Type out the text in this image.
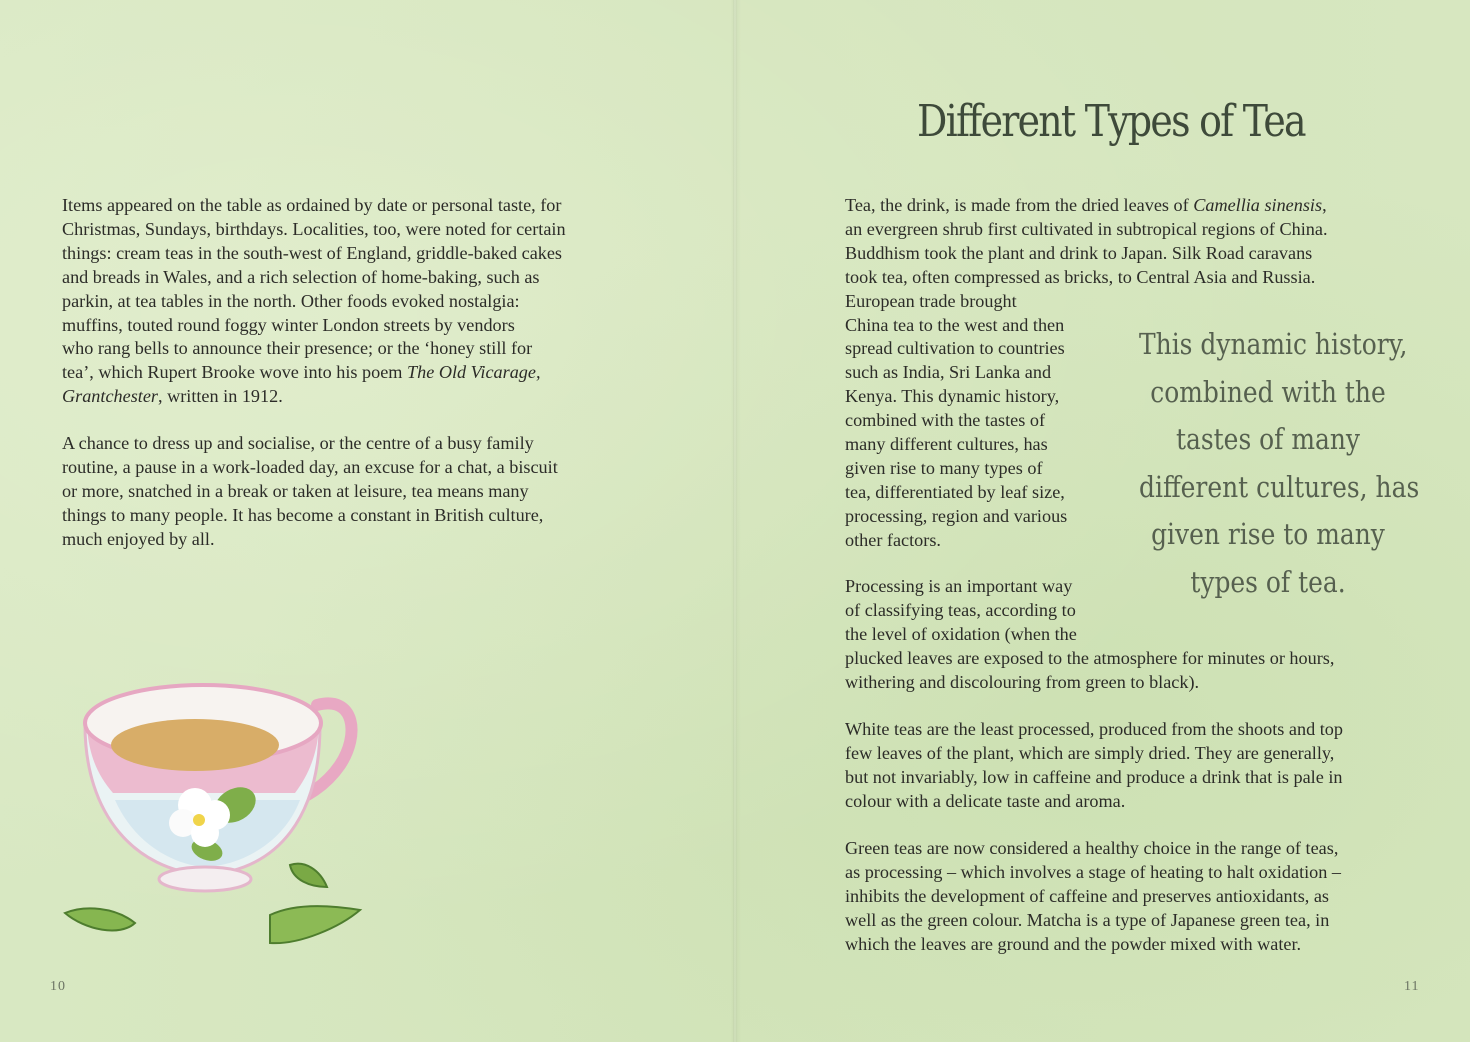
Items appeared on the table as ordained by date or personal taste, for
Christmas, Sundays, birthdays. Localities, too, were noted for certain
things: cream teas in the south-west of England, griddle-baked cakes
and breads in Wales, and a rich selection of home-baking, such as
parkin, at tea tables in the north. Other foods evoked nostalgia:
muffins, touted round foggy winter London streets by vendors
who rang bells to announce their presence; or the ‘honey still for
tea’, which Rupert Brooke wove into his poem The Old Vicarage,
Grantchester, written in 1912.

A chance to dress up and socialise, or the centre of a busy family
routine, a pause in a work-loaded day, an excuse for a chat, a biscuit
or more, snatched in a break or taken at leisure, tea means many
things to many people. It has become a constant in British culture,
much enjoyed by all.

10
Different Types of Tea

Tea, the drink, is made from the dried leaves of Camellia sinensis,
an evergreen shrub first cultivated in subtropical regions of China.
Buddhism took the plant and drink to Japan. Silk Road caravans
took tea, often compressed as bricks, to Central Asia and Russia.
European trade brought
China tea to the west and then
spread cultivation to countries
such as India, Sri Lanka and
Kenya. This dynamic history,
combined with the tastes of
many different cultures, has
given rise to many types of
tea, differentiated by leaf size,
processing, region and various
other factors.

Processing is an important way
of classifying teas, according to
the level of oxidation (when the
plucked leaves are exposed to the atmosphere for minutes or hours,
withering and discolouring from green to black).

White teas are the least processed, produced from the shoots and top
few leaves of the plant, which are simply dried. They are generally,
but not invariably, low in caffeine and produce a drink that is pale in
colour with a delicate taste and aroma.

Green teas are now considered a healthy choice in the range of teas,
as processing – which involves a stage of heating to halt oxidation –
inhibits the development of caffeine and preserves antioxidants, as
well as the green colour. Matcha is a type of Japanese green tea, in
which the leaves are ground and the powder mixed with water.

This dynamic history,
combined with the
tastes of many
different cultures, has
given rise to many
types of tea.

11
